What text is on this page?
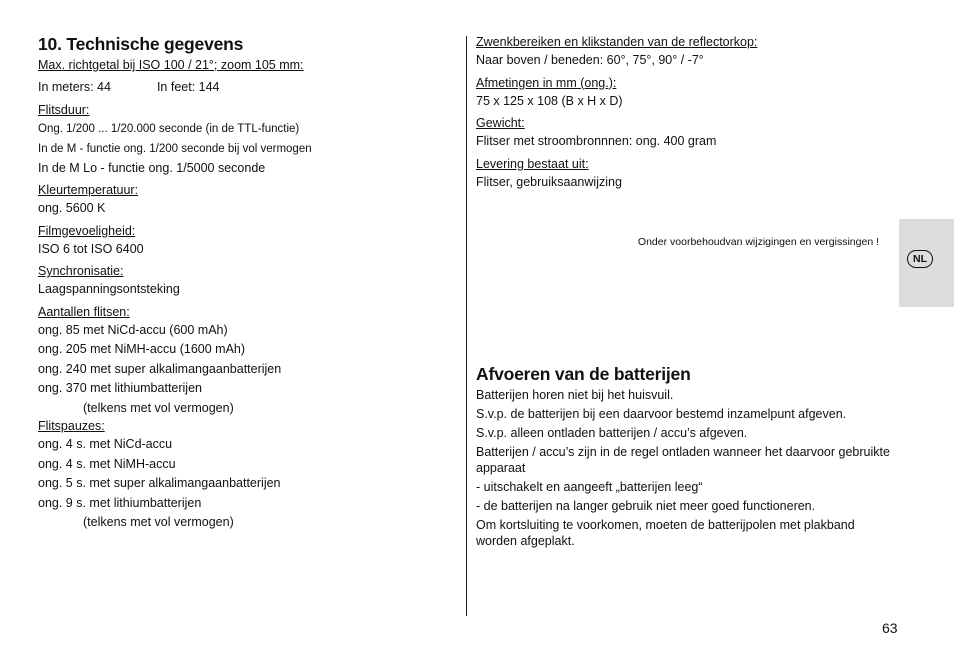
10. Technische gegevens

Max. richtgetal bij ISO 100 / 21°; zoom 105 mm:

In meters: 44	In feet: 144

Flitsduur:

Ong. 1/200 ... 1/20.000 seconde (in de TTL-functie)

In de M - functie ong. 1/200 seconde bij vol vermogen

In de M Lo - functie ong. 1/5000 seconde

Kleurtemperatuur:

ong. 5600 K

Filmgevoeligheid:

ISO 6 tot ISO 6400

Synchronisatie:

Laagspanningsontsteking

Aantallen flitsen:

ong. 85 met NiCd-accu (600 mAh)

ong. 205 met NiMH-accu (1600 mAh)

ong. 240 met super alkalimangaanbatterijen

ong. 370 met lithiumbatterijen

(telkens met vol vermogen)

Flitspauzes:

ong. 4 s. met NiCd-accu

ong. 4 s. met NiMH-accu

ong. 5 s. met super alkalimangaanbatterijen

ong. 9 s. met lithiumbatterijen

(telkens met vol vermogen)

Zwenkbereiken en klikstanden van de reflectorkop:

Naar boven / beneden: 60°, 75°, 90° / -7°

Afmetingen in mm (ong.):

75 x 125 x 108 (B x H x D)

Gewicht:

Flitser met stroombronnnen: ong. 400 gram

Levering bestaat uit:

Flitser, gebruiksaanwijzing

Onder voorbehoudvan wijzigingen en vergissingen !
Afvoeren van de batterijen

Batterijen horen niet bij het huisvuil.

S.v.p. de batterijen bij een daarvoor bestemd inzamelpunt afgeven.

S.v.p. alleen ontladen batterijen / accu’s afgeven.

Batterijen / accu’s zijn in de regel ontladen wanneer het daarvoor gebruikte apparaat

- uitschakelt en aangeeft „batterijen leeg“

- de batterijen na langer gebruik niet meer goed functioneren.

Om kortsluiting te voorkomen, moeten de batterijpolen met plakband worden afgeplakt.

NL
63
